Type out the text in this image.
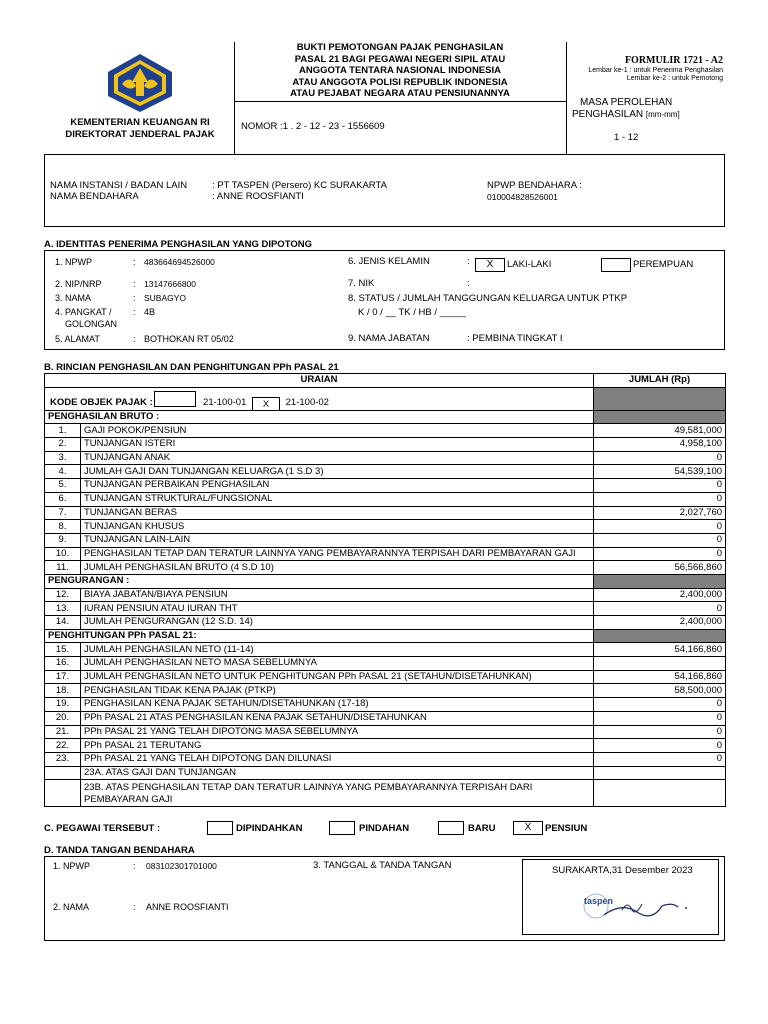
KEMENTERIAN KEUANGAN RI
DIREKTORAT JENDERAL PAJAK
BUKTI PEMOTONGAN PAJAK PENGHASILAN
PASAL 21 BAGI PEGAWAI NEGERI SIPIL ATAU
ANGGOTA TENTARA NASIONAL INDONESIA
ATAU ANGGOTA POLISI REPUBLIK INDONESIA
ATAU PEJABAT NEGARA ATAU PENSIUNANNYA
NOMOR :1 . 2 - 12 - 23 - 1556609
FORMULIR 1721 - A2
Lembar ke-1 : untuk Penerima Penghasilan
Lembar ke-2 : untuk Pemotong
MASA PEROLEHAN
PENGHASILAN [mm-mm]
1 - 12
NAMA INSTANSI / BADAN LAIN	: PT TASPEN (Persero) KC SURAKARTA
NAMA BENDAHARA	: ANNE ROOSFIANTI
NPWP BENDAHARA :
010004828526001
A. IDENTITAS PENERIMA PENGHASILAN YANG DIPOTONG
1. NPWP	: 483664694526000
2. NIP/NRP	: 13147666800
3. NAMA	: SUBAGYO
4. PANGKAT /
GOLONGAN
: 4B
5. ALAMAT	: BOTHOKAN RT 05/02
6. JENIS KELAMIN	:	X	LAKI-LAKI	PEREMPUAN
7. NIK	:
8. STATUS / JUMLAH TANGGUNGAN KELUARGA UNTUK PTKP
K / 0 / __ TK / HB / _____
9. NAMA JABATAN	: PEMBINA TINGKAT I
B. RINCIAN PENGHASILAN DAN PENGHITUNGAN PPh PASAL 21
URAIAN		JUMLAH (Rp)
KODE OBJEK PAJAK : 21-100-01 X 21-100-02		
PENGHASILAN BRUTO :		
1.	GAJI POKOK/PENSIUN	49,581,000
2.	TUNJANGAN ISTERI	4,958,100
3.	TUNJANGAN ANAK	0
4.	JUMLAH GAJI DAN TUNJANGAN KELUARGA (1 S.D 3)	54,539,100
5.	TUNJANGAN PERBAIKAN PENGHASILAN	0
6.	TUNJANGAN STRUKTURAL/FUNGSIONAL	0
7.	TUNJANGAN BERAS	2,027,760
8.	TUNJANGAN KHUSUS	0
9.	TUNJANGAN LAIN-LAIN	0
10.	PENGHASILAN TETAP DAN TERATUR LAINNYA YANG PEMBAYARANNYA TERPISAH DARI PEMBAYARAN GAJI	0
11.	JUMLAH PENGHASILAN BRUTO (4 S.D 10)	56,566,860
PENGURANGAN :		
12.	BIAYA JABATAN/BIAYA PENSIUN	2,400,000
13.	IURAN PENSIUN ATAU IURAN THT	0
14.	JUMLAH PENGURANGAN (12 S.D. 14)	2,400,000
PENGHITUNGAN PPh PASAL 21:		
15.	JUMLAH PENGHASILAN NETO (11-14)	54,166,860
16.	JUMLAH PENGHASILAN NETO MASA SEBELUMNYA	
17.	JUMLAH PENGHASILAN NETO UNTUK PENGHITUNGAN PPh PASAL 21 (SETAHUN/DISETAHUNKAN)	54,166,860
18.	PENGHASILAN TIDAK KENA PAJAK (PTKP)	58,500,000
19.	PENGHASILAN KENA PAJAK SETAHUN/DISETAHUNKAN (17-18)	0
20.	PPh PASAL 21 ATAS PENGHASILAN KENA PAJAK SETAHUN/DISETAHUNKAN	0
21.	PPh PASAL 21 YANG TELAH DIPOTONG MASA SEBELUMNYA	0
22.	PPh PASAL 21 TERUTANG	0
23.	PPh PASAL 21 YANG TELAH DIPOTONG DAN DILUNASI	0
	23A. ATAS GAJI DAN TUNJANGAN	

	23B. ATAS PENGHASILAN TETAP DAN TERATUR LAINNYA YANG PEMBAYARANNYA TERPISAH DARI
PEMBAYARAN GAJI	

C. PEGAWAI TERSEBUT :	DIPINDAHKAN	PINDAHAN	BARU	X	PENSIUN
D. TANDA TANGAN BENDAHARA
1. NPWP	: 083102301701000
2. NAMA	: ANNE ROOSFIANTI
3. TANGGAL & TANDA TANGAN	SURAKARTA,31 Desember 2023
taspen
